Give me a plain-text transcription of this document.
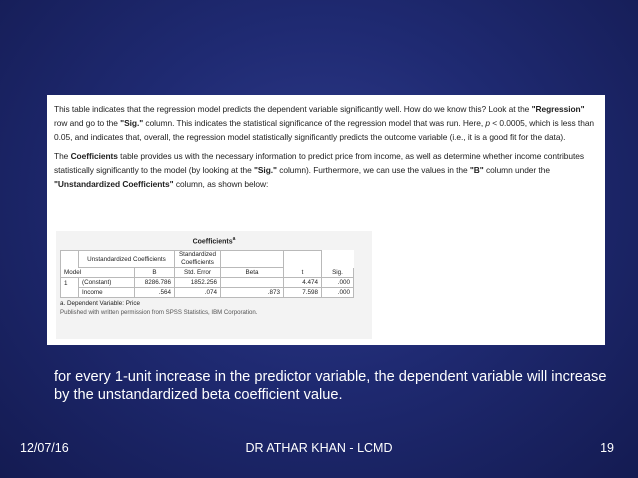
This table indicates that the regression model predicts the dependent variable significantly well. How do we know this? Look at the "Regression" row and go to the "Sig." column. This indicates the statistical significance of the regression model that was run. Here, p < 0.0005, which is less than 0.05, and indicates that, overall, the regression model statistically significantly predicts the outcome variable (i.e., it is a good fit for the data).

The Coefficients table provides us with the necessary information to predict price from income, as well as determine whether income contributes statistically significantly to the model (by looking at the "Sig." column). Furthermore, we can use the values in the "B" column under the "Unstandardized Coefficients" column, as shown below:

Coefficients$^a$
	Unstandardized Coefficients		Standardized Coefficients			
Model		B	Std. Error	Beta	t	Sig.
1	(Constant)	8286.786	1852.256		4.474	.000
	Income	.564	.074	.873	7.598	.000
a. Dependent Variable: Price
Published with written permission from SPSS Statistics, IBM Corporation.
for every 1-unit increase in the predictor variable, the dependent variable will increase by the unstandardized beta coefficient value.
DR ATHAR KHAN - LCMD
12/07/16	19
